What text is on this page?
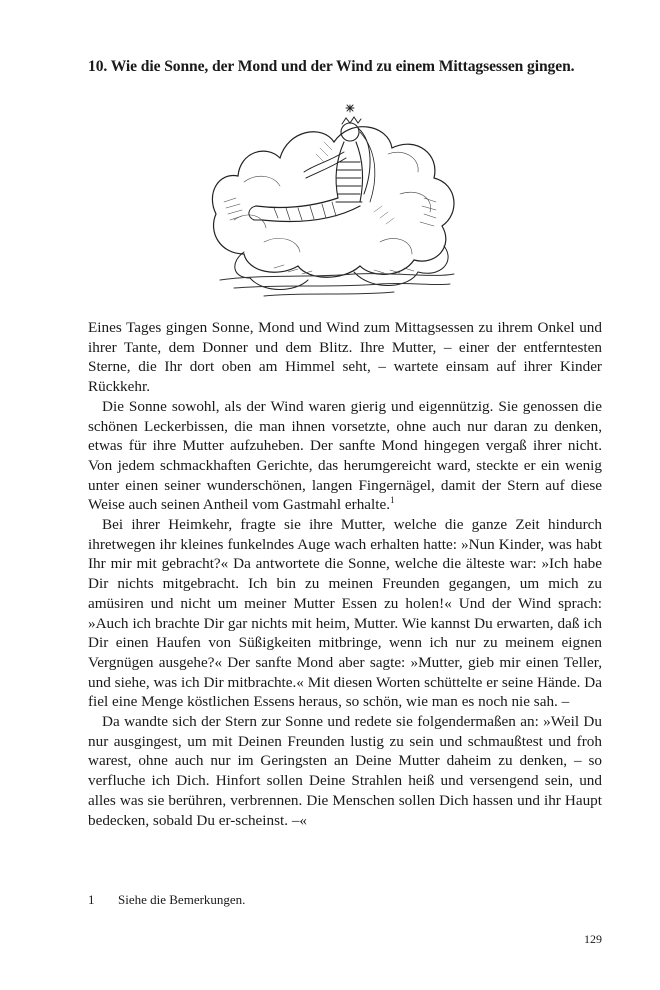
10. Wie die Sonne, der Mond und der Wind zu einem Mittagsessen gingen.

Eines Tages gingen Sonne, Mond und Wind zum Mittagsessen zu ihrem Onkel und ihrer Tante, dem Donner und dem Blitz. Ihre Mutter, – einer der entferntesten Sterne, die Ihr dort oben am Himmel seht, – wartete einsam auf ihrer Kinder Rückkehr.

Die Sonne sowohl, als der Wind waren gierig und eigennützig. Sie genossen die schönen Leckerbissen, die man ihnen vorsetzte, ohne auch nur daran zu denken, etwas für ihre Mutter aufzuheben. Der sanfte Mond hingegen vergaß ihrer nicht. Von jedem schmackhaften Gerichte, das herumgereicht ward, steckte er ein wenig unter einen seiner wunderschönen, langen Fingernägel, damit der Stern auf diese Weise auch seinen Antheil vom Gastmahl erhalte.$^1$

Bei ihrer Heimkehr, fragte sie ihre Mutter, welche die ganze Zeit hindurch ihretwegen ihr kleines funkelndes Auge wach erhalten hatte: »Nun Kinder, was habt Ihr mir mit gebracht?« Da antwortete die Sonne, welche die älteste war: »Ich habe Dir nichts mitgebracht. Ich bin zu meinen Freunden gegangen, um mich zu amüsiren und nicht um meiner Mutter Essen zu holen!« Und der Wind sprach: »Auch ich brachte Dir gar nichts mit heim, Mutter. Wie kannst Du erwarten, daß ich Dir einen Haufen von Süßigkeiten mitbringe, wenn ich nur zu meinem eignen Vergnügen ausgehe?« Der sanfte Mond aber sagte: »Mutter, gieb mir einen Teller, und siehe, was ich Dir mitbrachte.« Mit diesen Worten schüttelte er seine Hände. Da fiel eine Menge köstlichen Essens heraus, so schön, wie man es noch nie sah. –

Da wandte sich der Stern zur Sonne und redete sie folgendermaßen an: »Weil Du nur ausgingest, um mit Deinen Freunden lustig zu sein und schmaußtest und froh warest, ohne auch nur im Geringsten an Deine Mutter daheim zu denken, – so verfluche ich Dich. Hinfort sollen Deine Strahlen heiß und versengend sein, und alles was sie berühren, verbrennen. Die Menschen sollen Dich hassen und ihr Haupt bedecken, sobald Du er-scheinst. –«

1 Siehe die Bemerkungen.
129
